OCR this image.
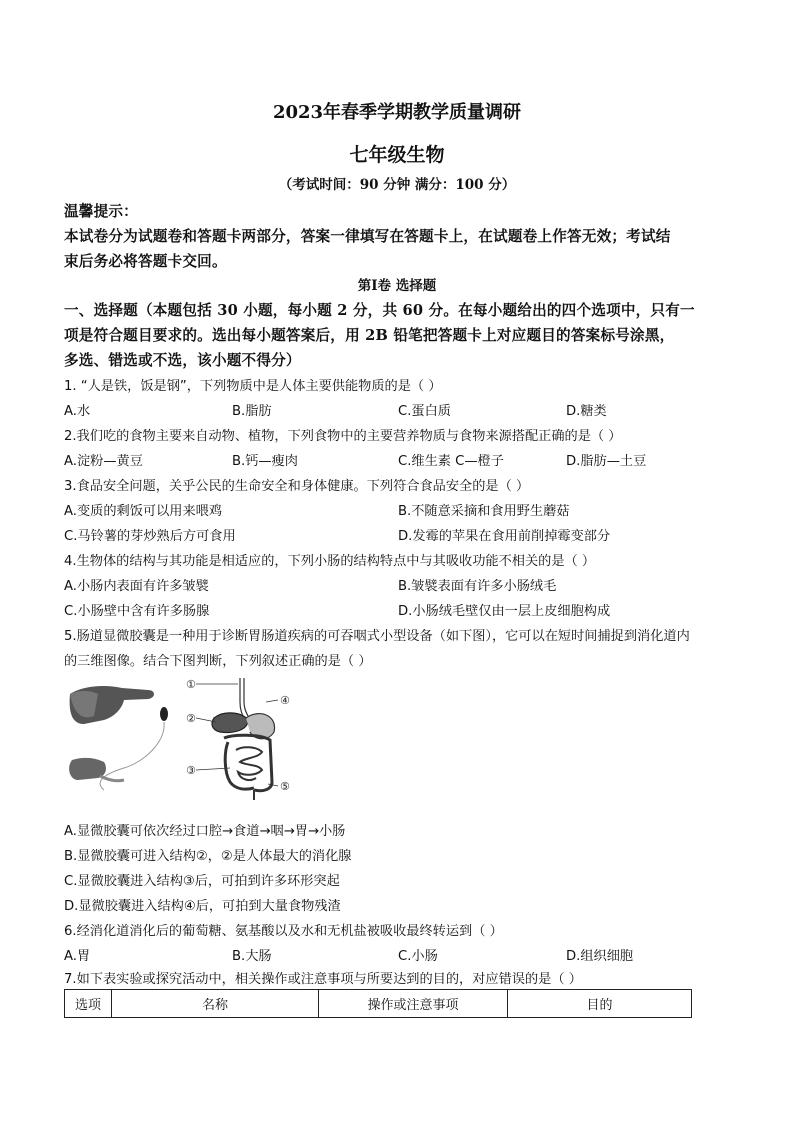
2023年春季学期教学质量调研
七年级生物
（考试时间：90 分钟 满分：100 分）
温馨提示：
本试卷分为试题卷和答题卡两部分，答案一律填写在答题卡上，在试题卷上作答无效；考试结
束后务必将答题卡交回。
第Ⅰ卷 选择题
一、选择题（本题包括 30 小题，每小题 2 分，共 60 分。在每小题给出的四个选项中，只有一
项是符合题目要求的。选出每小题答案后，用 2B 铅笔把答题卡上对应题目的答案标号涂黑，
多选、错选或不选，该小题不得分）
1. “人是铁，饭是钢”，下列物质中是人体主要供能物质的是（ ）
A.水	B.脂肪	C.蛋白质	D.糖类
2.我们吃的食物主要来自动物、植物，下列食物中的主要营养物质与食物来源搭配正确的是（ ）
A.淀粉—黄豆	B.钙—瘦肉	C.维生素 C—橙子	D.脂肪—土豆
3.食品安全问题，关乎公民的生命安全和身体健康。下列符合食品安全的是（ ）
A.变质的剩饭可以用来喂鸡	B.不随意采摘和食用野生蘑菇
C.马铃薯的芽炒熟后方可食用	D.发霉的苹果在食用前削掉霉变部分
4.生物体的结构与其功能是相适应的，下列小肠的结构特点中与其吸收功能不相关的是（ ）
A.小肠内表面有许多皱襞	B.皱襞表面有许多小肠绒毛
C.小肠壁中含有许多肠腺	D.小肠绒毛壁仅由一层上皮细胞构成
5.肠道显微胶囊是一种用于诊断胃肠道疾病的可吞咽式小型设备（如下图），它可以在短时间捕捉到消化道内
的三维图像。结合下图判断，下列叙述正确的是（ ）
①
②
③
④
⑤
A.显微胶囊可依次经过口腔→食道→咽→胃→小肠
B.显微胶囊可进入结构②，②是人体最大的消化腺
C.显微胶囊进入结构③后，可拍到许多环形突起
D.显微胶囊进入结构④后，可拍到大量食物残渣
6.经消化道消化后的葡萄糖、氨基酸以及水和无机盐被吸收最终转运到（ ）
A.胃	B.大肠	C.小肠	D.组织细胞
7.如下表实验或探究活动中，相关操作或注意事项与所要达到的目的，对应错误的是（ ）
选项	名称	操作或注意事项	目的
